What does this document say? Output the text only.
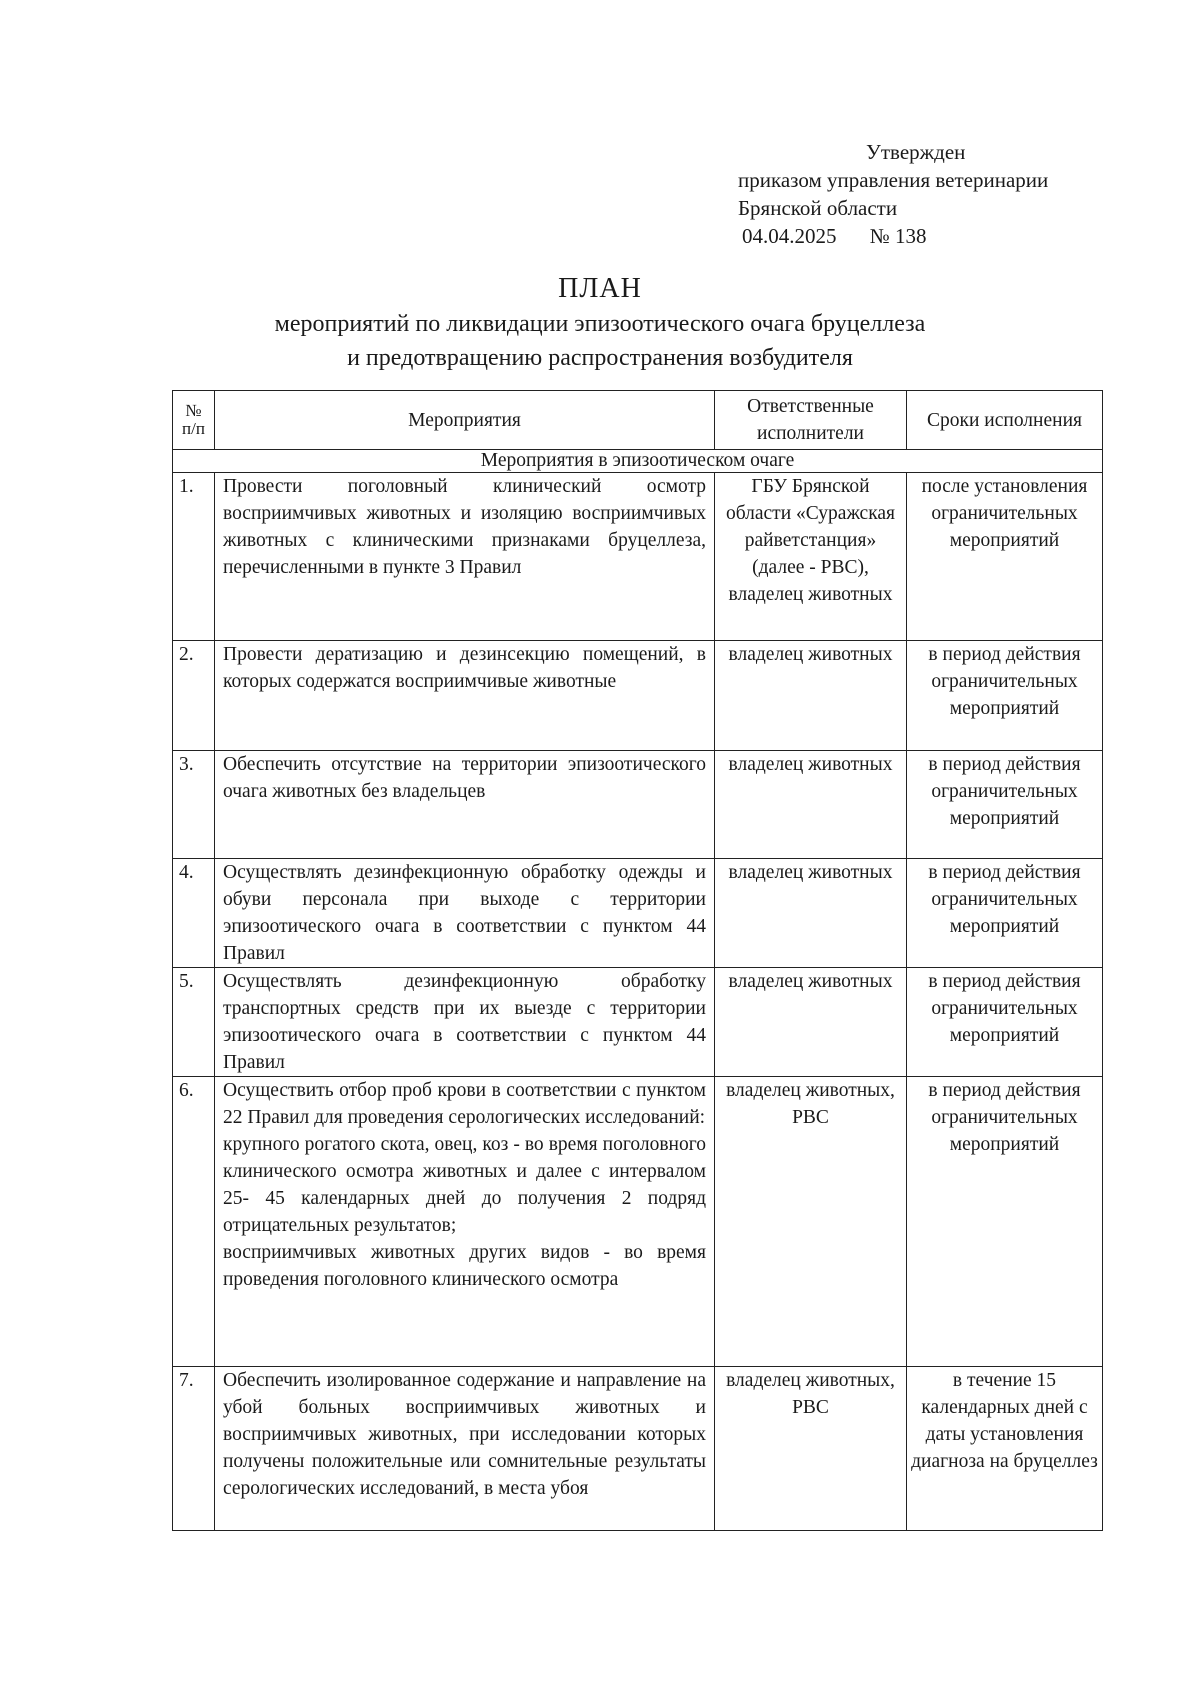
Утвержден
приказом управления ветеринарии
Брянской области
04.04.2025 № 138
ПЛАН
мероприятий по ликвидации эпизоотического очага бруцеллеза
и предотвращению распространения возбудителя
№ п/п	Мероприятия	Ответственные исполнители	Сроки исполнения
Мероприятия в эпизоотическом очаге			
1.	Провести поголовный клинический осмотр восприимчивых животных и изоляцию восприимчивых животных с клиническими признаками бруцеллеза, перечисленными в пункте 3 Правил	ГБУ Брянской области «Суражская райветстанция» (далее - РВС), владелец животных	после установления ограничительных мероприятий
2.	Провести дератизацию и дезинсекцию помещений, в которых содержатся восприимчивые животные	владелец животных	в период действия ограничительных мероприятий
3.	Обеспечить отсутствие на территории эпизоотического очага животных без владельцев	владелец животных	в период действия ограничительных мероприятий
4.	Осуществлять дезинфекционную обработку одежды и обуви персонала при выходе с территории эпизоотического очага в соответствии с пунктом 44 Правил	владелец животных	в период действия ограничительных мероприятий
5.	Осуществлять дезинфекционную обработку транспортных средств при их выезде с территории эпизоотического очага в соответствии с пунктом 44 Правил	владелец животных	в период действия ограничительных мероприятий
6.	Осуществить отбор проб крови в соответствии с пунктом 22 Правил для проведения серологических исследований:
крупного рогатого скота, овец, коз - во время поголовного клинического осмотра животных и далее с интервалом 25- 45 календарных дней до получения 2 подряд отрицательных результатов;
восприимчивых животных других видов - во время проведения поголовного клинического осмотра	владелец животных, РВС	в период действия ограничительных мероприятий
7.	Обеспечить изолированное содержание и направление на убой больных восприимчивых животных и восприимчивых животных, при исследовании которых получены положительные или сомнительные результаты серологических исследований, в места убоя	владелец животных, РВС	в течение 15 календарных дней с даты установления диагноза на бруцеллез
